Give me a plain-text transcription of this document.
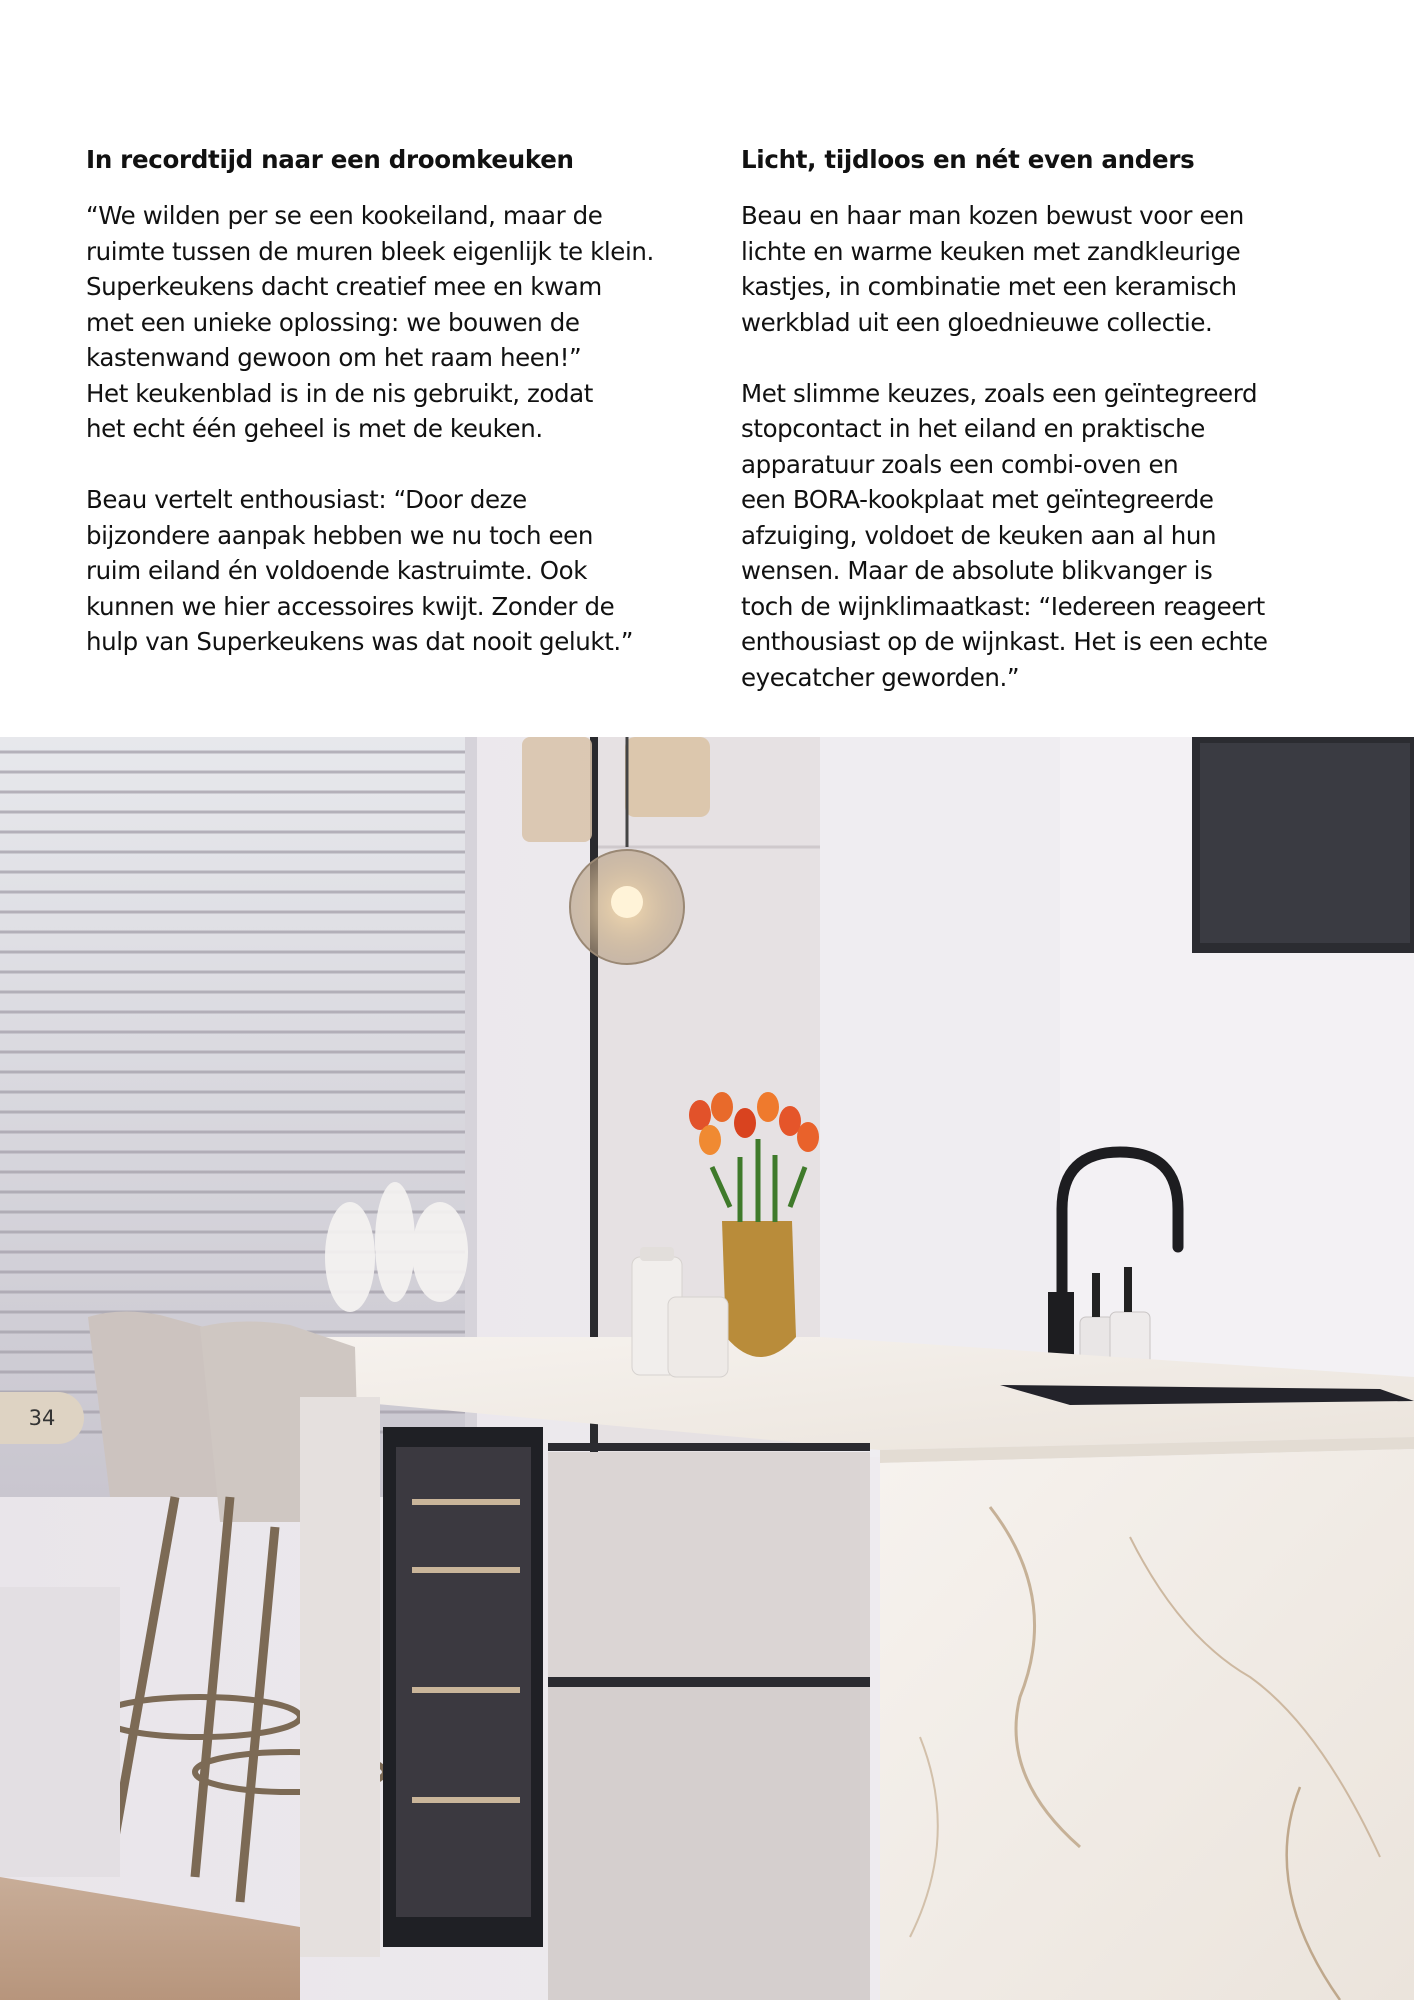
In recordtijd naar een droomkeuken

“We wilden per se een kookeiland, maar de
ruimte tussen de muren bleek eigenlijk te klein.
Superkeukens dacht creatief mee en kwam
met een unieke oplossing: we bouwen de
kastenwand gewoon om het raam heen!”
Het keukenblad is in de nis gebruikt, zodat
het echt één geheel is met de keuken.

Beau vertelt enthousiast: “Door deze
bijzondere aanpak hebben we nu toch een
ruim eiland én voldoende kastruimte. Ook
kunnen we hier accessoires kwijt. Zonder de
hulp van Superkeukens was dat nooit gelukt.”

Licht, tijdloos en nét even anders

Beau en haar man kozen bewust voor een
lichte en warme keuken met zandkleurige
kastjes, in combinatie met een keramisch
werkblad uit een gloednieuwe collectie.

Met slimme keuzes, zoals een geïntegreerd
stopcontact in het eiland en praktische
apparatuur zoals een combi-oven en
een BORA-kookplaat met geïntegreerde
afzuiging, voldoet de keuken aan al hun
wensen. Maar de absolute blikvanger is
toch de wijnklimaatkast: “Iedereen reageert
enthousiast op de wijnkast. Het is een echte
eyecatcher geworden.”

34
